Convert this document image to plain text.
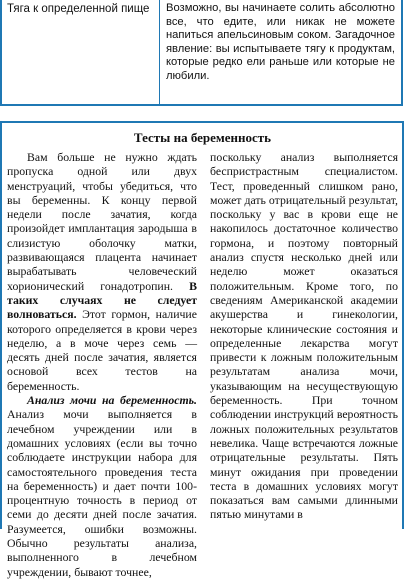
Тяга к определенной пище	Возможно, вы начинаете солить абсолютно все, что едите, или никак не можете напиться апельсиновым соком. Загадочное явление: вы испытываете тягу к продуктам, которые редко ели раньше или которые не любили.
Тесты на беременность

Вам больше не нужно ждать пропуска одной или двух менструаций, чтобы убедиться, что вы беременны. К концу первой недели после зачатия, когда произойдет имплантация зародыша в слизистую оболочку матки, развивающаяся плацента начинает вырабатывать человеческий хорионический гонадотропин. В таких случаях не следует волноваться. Этот гормон, наличие которого определяется в крови через неделю, а в моче через семь — десять дней после зачатия, является основой всех тестов на беременность.

Анализ мочи на беременность. Анализ мочи выполняется в лечебном учреждении или в домашних условиях (если вы точно соблюдаете инструкции набора для самостоятельного проведения теста на беременность) и дает почти 100-процентную точность в период от семи до десяти дней после зачатия. Разумеется, ошибки возможны. Обычно результаты анализа, выполненного в лечебном учреждении, бывают точнее,

поскольку анализ выполняется беспристрастным специалистом. Тест, проведенный слишком рано, может дать отрицательный результат, поскольку у вас в крови еще не накопилось достаточное количество гормона, и поэтому повторный анализ спустя несколько дней или неделю может оказаться положительным. Кроме того, по сведениям Американской академии акушерства и гинекологии, некоторые клинические состояния и определенные лекарства могут привести к ложным положительным результатам анализа мочи, указывающим на несуществующую беременность. При точном соблюдении инструкций вероятность ложных положительных результатов невелика. Чаще встречаются ложные отрицательные результаты. Пять минут ожидания при проведении теста в домашних условиях могут показаться вам самыми длинными пятью минутами в
